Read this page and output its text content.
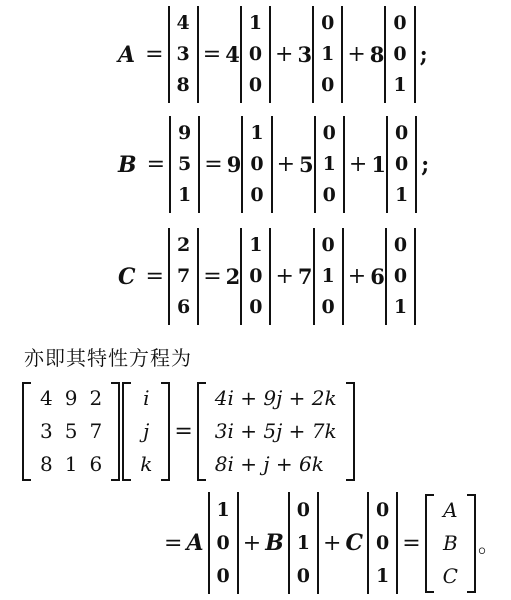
A =
4
3
8
= 4
1
0
0
+ 3
0
1
0
+ 8
0
0
1
;
B =
9
5
1
= 9
1
0
0
+ 5
0
1
0
+ 1
0
0
1
;
C =
2
7
6
= 2
1
0
0
+ 7
0
1
0
+ 6
0
0
1
亦即其特性方程为
4
3
8
9
5
1
2
7
6
i
j
k
=
4i + 9j + 2k
3i + 5j + 7k
8i + j + 6k
= A
1
0
0
+ B
0
1
0
+ C
0
0
1
=
A
B
C
。
